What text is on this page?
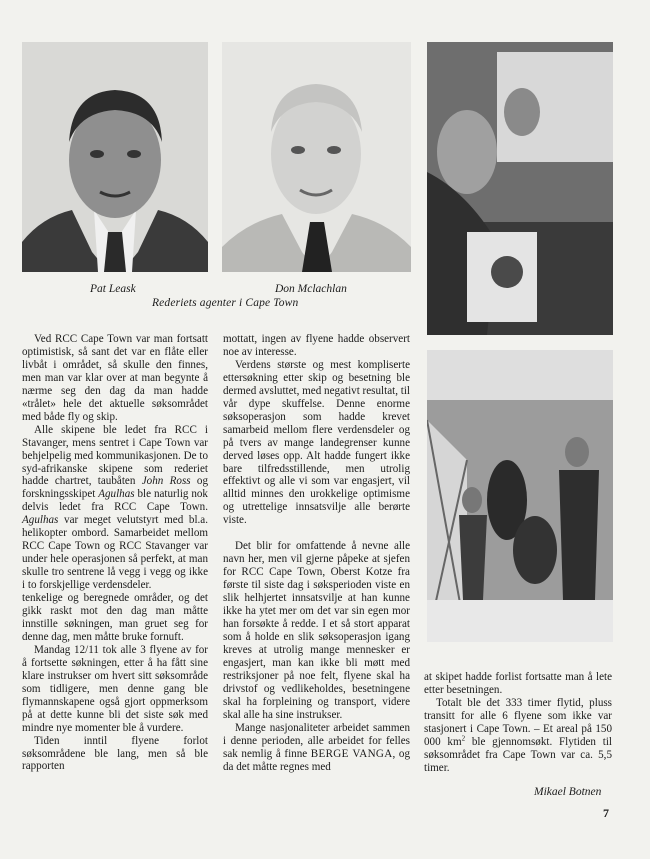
Pat Leask	Don Mclachlan
Rederiets agenter i Cape Town

Ved RCC Cape Town var man fortsatt optimistisk, så sant det var en flåte eller livbåt i området, så skulle den finnes, men man var klar over at man begynte å nærme seg den dag da man hadde «trålet» hele det aktuelle søksområdet med både fly og skip.

Alle skipene ble ledet fra RCC i Stavanger, mens sentret i Cape Town var behjelpelig med kommunikasjonen. De to syd-afrikanske skipene som rederiet hadde chartret, taubåten John Ross og forskningsskipet Agulhas ble naturlig nok delvis ledet fra RCC Cape Town. Agulhas var meget velutstyrt med bl.a. helikopter ombord. Samarbeidet mellom RCC Cape Town og RCC Stavanger var under hele operasjonen så perfekt, at man skulle tro sentrene lå vegg i vegg og ikke i to forskjellige verdensdeler.

tenkelige og beregnede områder, og det gikk raskt mot den dag man måtte innstille søkningen, man gruet seg for denne dag, men måtte bruke fornuft.

Mandag 12/11 tok alle 3 flyene av for å fortsette søkningen, etter å ha fått sine klare instrukser om hvert sitt søksområde som tidligere, men denne gang ble flymannskapene også gjort oppmerksom på at dette kunne bli det siste søk med mindre nye momenter ble å vurdere.

Tiden inntil flyene forlot søksområdene ble lang, men så ble rapporten

mottatt, ingen av flyene hadde observert noe av interesse.

Verdens største og mest kompliserte ettersøkning etter skip og besetning ble dermed avsluttet, med negativt resultat, til vår dype skuffelse. Denne enorme søksoperasjon som hadde krevet samarbeid mellom flere verdensdeler og på tvers av mange landegrenser kunne derved løses opp. Alt hadde fungert ikke bare tilfredsstillende, men utrolig effektivt og alle vi som var engasjert, vil alltid minnes den urokkelige optimisme og utrettelige innsatsvilje alle berørte viste.

Det blir for omfattende å nevne alle navn her, men vil gjerne påpeke at sjefen for RCC Cape Town, Oberst Kotze fra første til siste dag i søksperioden viste en slik helhjertet innsatsvilje at han kunne ikke ha ytet mer om det var sin egen mor han forsøkte å redde. I et så stort apparat som å holde en slik søksoperasjon igang kreves at utrolig mange mennesker er engasjert, man kan ikke bli møtt med restriksjoner på noe felt, flyene skal ha drivstof og vedlikeholdes, besetningene skal ha forpleining og transport, videre skal alle ha sine instrukser.

Mange nasjonaliteter arbeidet sammen i denne perioden, alle arbeidet for felles sak nemlig å finne BERGE VANGA, og da det måtte regnes med

at skipet hadde forlist fortsatte man å lete etter besetningen.

Totalt ble det 333 timer flytid, pluss transitt for alle 6 flyene som ikke var stasjonert i Cape Town. – Et areal på 150 000 $km^2$ ble gjennomsøkt. Flytiden til søksområdet fra Cape Town var ca. 5,5 timer.

Mikael Botnen
7
